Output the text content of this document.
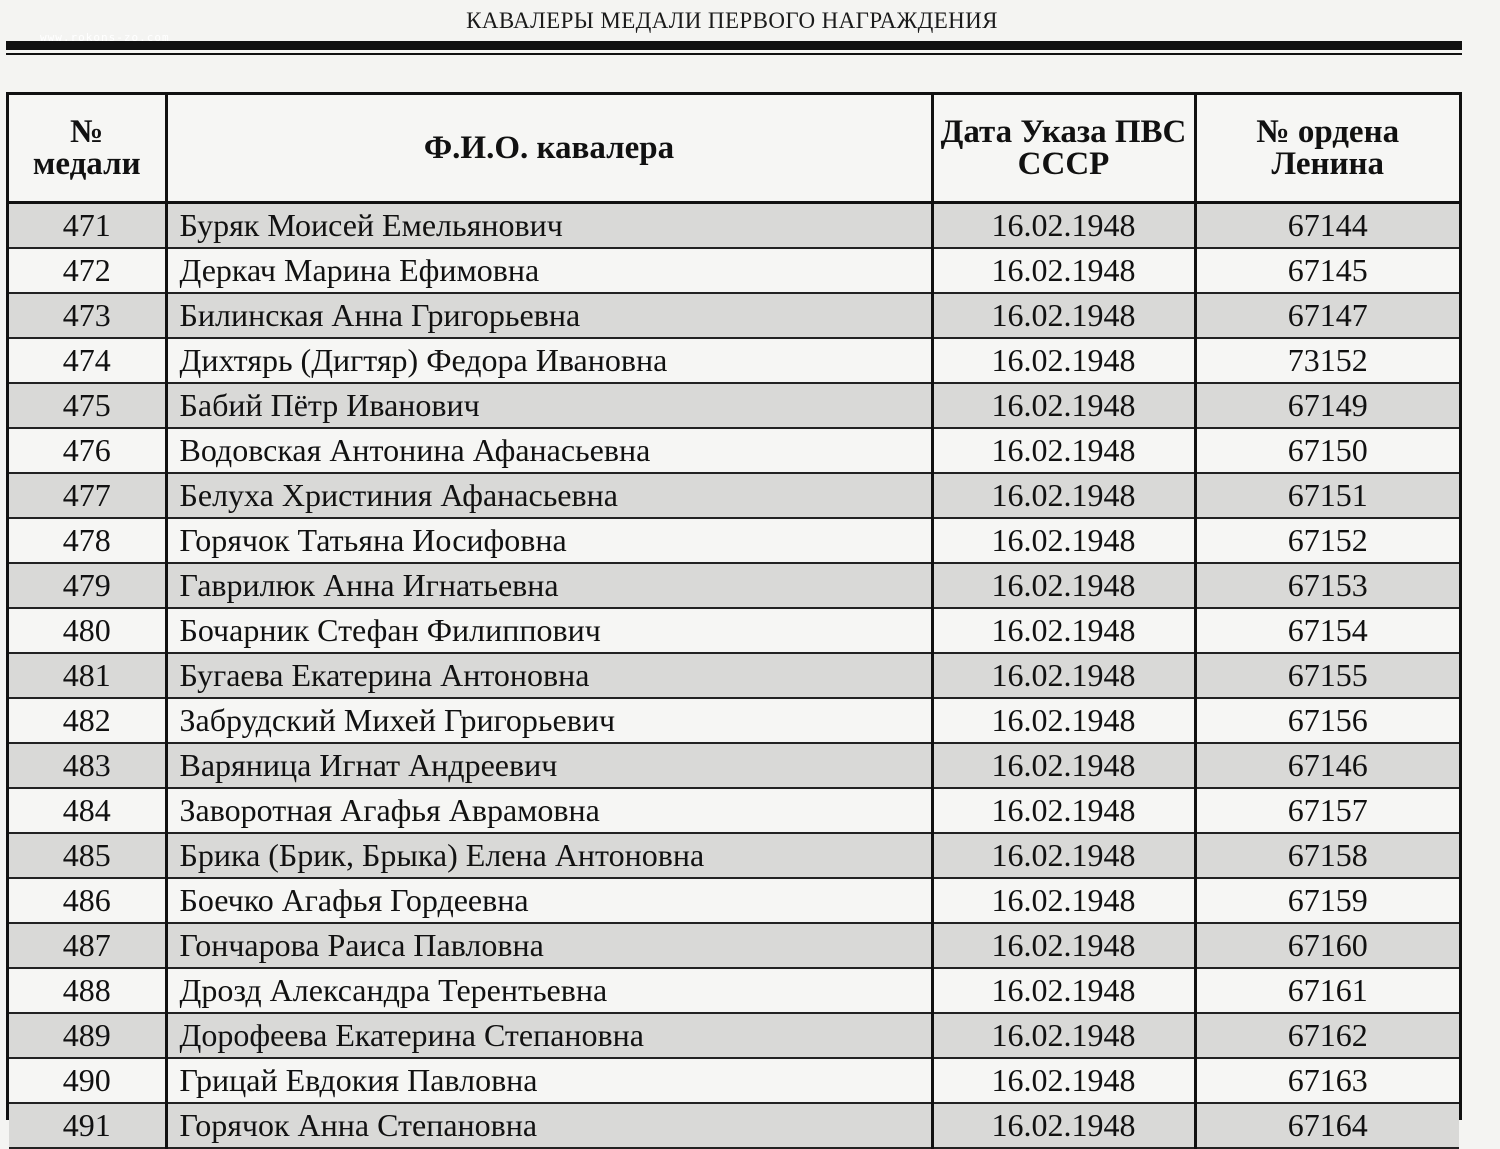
www.rokons-zo.com
КАВАЛЕРЫ МЕДАЛИ ПЕРВОГО НАГРАЖДЕНИЯ
№ медали	Ф.И.О. кавалера	Дата Указа ПВС СССР	№ ордена Ленина
471	Буряк Моисей Емельянович	16.02.1948	67144
472	Деркач Марина Ефимовна	16.02.1948	67145
473	Билинская Анна Григорьевна	16.02.1948	67147
474	Дихтярь (Дигтяр) Федора Ивановна	16.02.1948	73152
475	Бабий Пётр Иванович	16.02.1948	67149
476	Водовская Антонина Афанасьевна	16.02.1948	67150
477	Белуха Христиния Афанасьевна	16.02.1948	67151
478	Горячок Татьяна Иосифовна	16.02.1948	67152
479	Гаврилюк Анна Игнатьевна	16.02.1948	67153
480	Бочарник Стефан Филиппович	16.02.1948	67154
481	Бугаева Екатерина Антоновна	16.02.1948	67155
482	Забрудский Михей Григорьевич	16.02.1948	67156
483	Варяница Игнат Андреевич	16.02.1948	67146
484	Заворотная Агафья Аврамовна	16.02.1948	67157
485	Брика (Брик, Брыка) Елена Антоновна	16.02.1948	67158
486	Боечко Агафья Гордеевна	16.02.1948	67159
487	Гончарова Раиса Павловна	16.02.1948	67160
488	Дрозд Александра Терентьевна	16.02.1948	67161
489	Дорофеева Екатерина Степановна	16.02.1948	67162
490	Грицай Евдокия Павловна	16.02.1948	67163
491	Горячок Анна Степановна	16.02.1948	67164
